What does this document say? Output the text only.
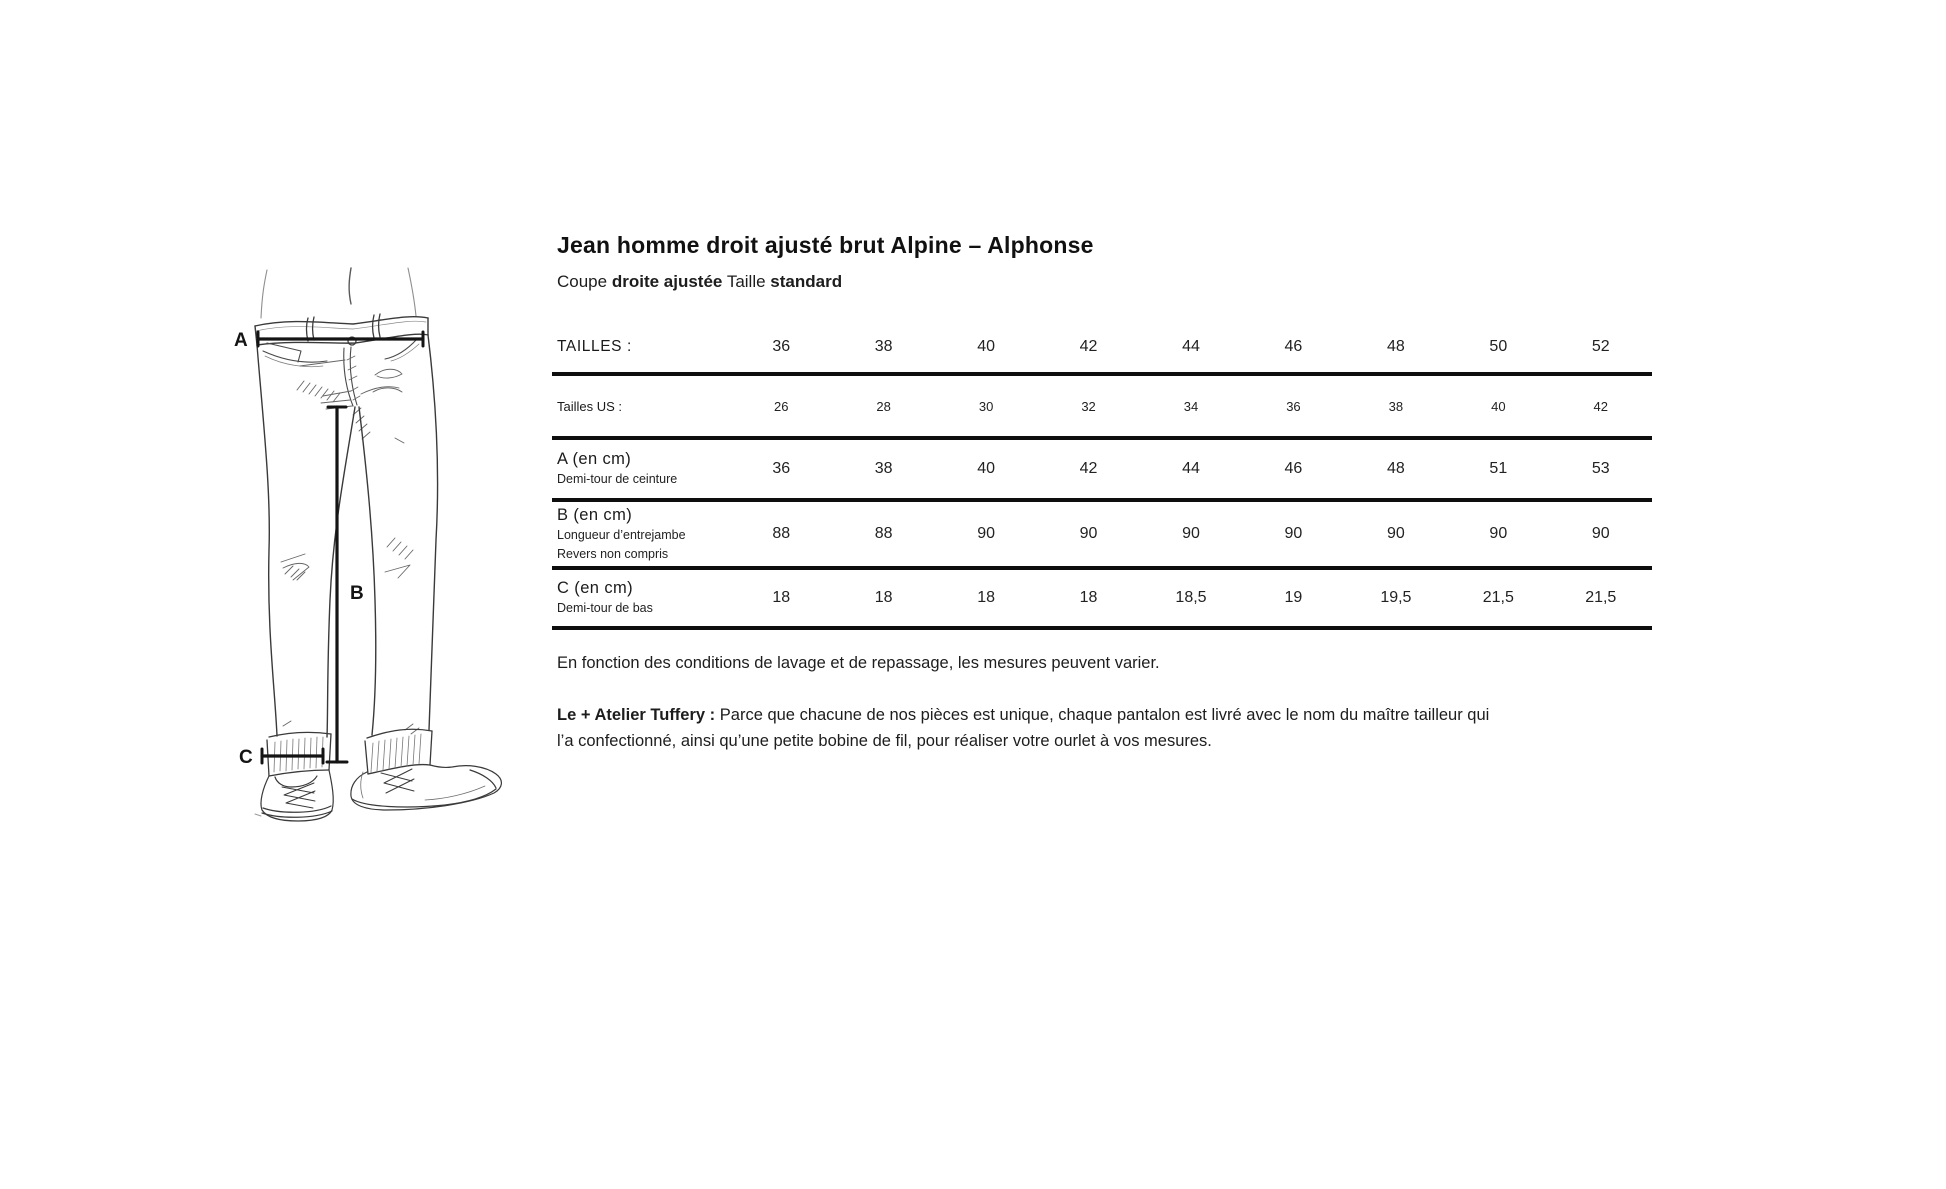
A
B
C
Jean homme droit ajusté brut Alpine – Alphonse
Coupe droite ajustée Taille standard
TAILLES :	36	38	40	42	44	46	48	50	52
Tailles US :	26	28	30	32	34	36	38	40	42
A (en cm)
Demi-tour de ceinture
36	38	40	42	44	46	48	51	53
B (en cm)
Longueur d’entrejambe
Revers non compris
88	88	90	90	90	90	90	90	90
C (en cm)
Demi-tour de bas
18	18	18	18	18,5	19	19,5	21,5	21,5
En fonction des conditions de lavage et de repassage, les mesures peuvent varier.
Le + Atelier Tuffery : Parce que chacune de nos pièces est unique, chaque pantalon est livré avec le nom du maître tailleur qui l’a confectionné, ainsi qu’une petite bobine de fil, pour réaliser votre ourlet à vos mesures.
